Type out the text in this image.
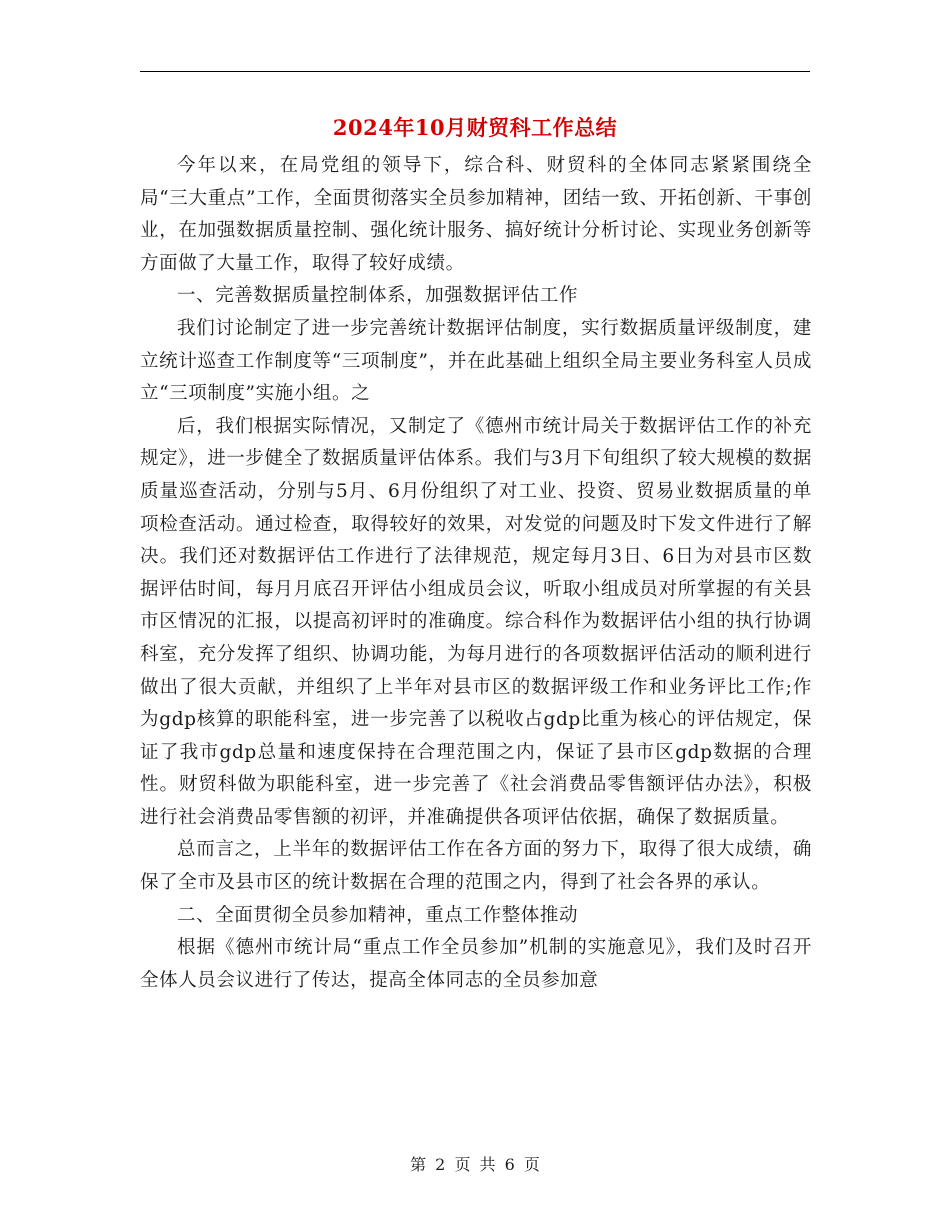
2024年10月财贸科工作总结

今年以来，在局党组的领导下，综合科、财贸科的全体同志紧紧围绕全局“三大重点”工作，全面贯彻落实全员参加精神，团结一致、开拓创新、干事创业，在加强数据质量控制、强化统计服务、搞好统计分析讨论、实现业务创新等方面做了大量工作，取得了较好成绩。

一、完善数据质量控制体系，加强数据评估工作

我们讨论制定了进一步完善统计数据评估制度，实行数据质量评级制度，建立统计巡查工作制度等“三项制度”，并在此基础上组织全局主要业务科室人员成立“三项制度”实施小组。之

后，我们根据实际情况，又制定了《德州市统计局关于数据评估工作的补充规定》，进一步健全了数据质量评估体系。我们与3月下旬组织了较大规模的数据质量巡查活动，分别与5月、6月份组织了对工业、投资、贸易业数据质量的单项检查活动。通过检查，取得较好的效果，对发觉的问题及时下发文件进行了解决。我们还对数据评估工作进行了法律规范，规定每月3日、6日为对县市区数据评估时间，每月月底召开评估小组成员会议，听取小组成员对所掌握的有关县市区情况的汇报，以提高初评时的准确度。综合科作为数据评估小组的执行协调科室，充分发挥了组织、协调功能，为每月进行的各项数据评估活动的顺利进行做出了很大贡献，并组织了上半年对县市区的数据评级工作和业务评比工作;作为gdp核算的职能科室，进一步完善了以税收占gdp比重为核心的评估规定，保证了我市gdp总量和速度保持在合理范围之内，保证了县市区gdp数据的合理性。财贸科做为职能科室，进一步完善了《社会消费品零售额评估办法》，积极进行社会消费品零售额的初评，并准确提供各项评估依据，确保了数据质量。

总而言之，上半年的数据评估工作在各方面的努力下，取得了很大成绩，确保了全市及县市区的统计数据在合理的范围之内，得到了社会各界的承认。

二、全面贯彻全员参加精神，重点工作整体推动

根据《德州市统计局“重点工作全员参加”机制的实施意见》，我们及时召开全体人员会议进行了传达，提高全体同志的全员参加意

第 2 页 共 6 页
